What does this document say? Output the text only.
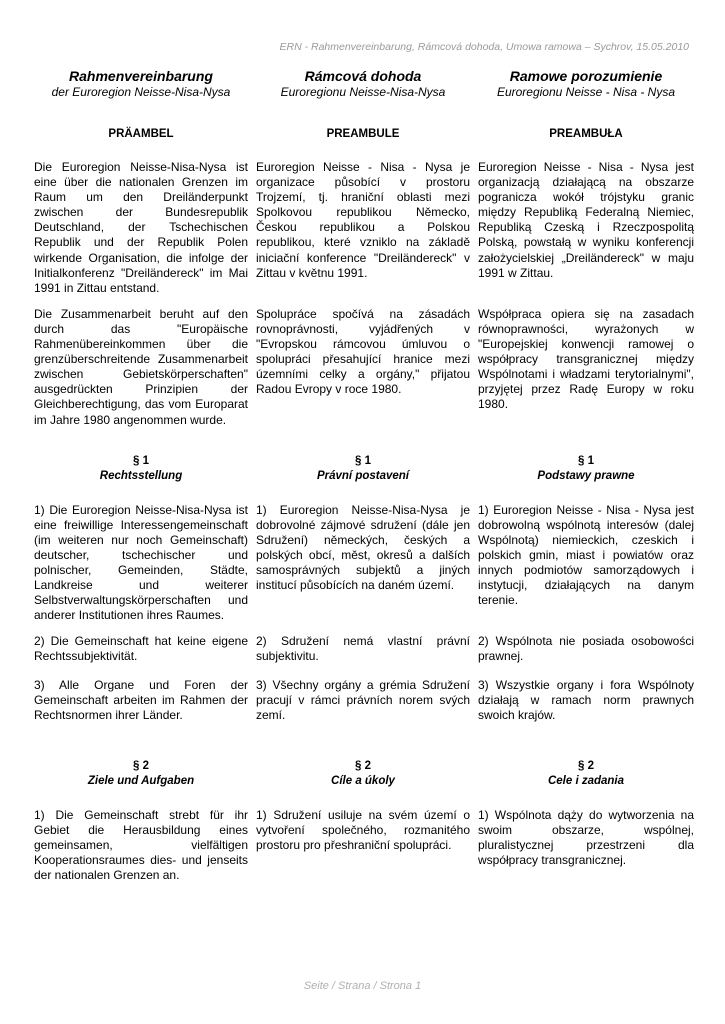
ERN - Rahmenvereinbarung, Rámcová dohoda, Umowa ramowa – Sychrov, 15.05.2010
Rahmenvereinbarung
der Euroregion Neisse-Nisa-Nysa
Rámcová dohoda
Euroregionu Neisse-Nisa-Nysa
Ramowe porozumienie
Euroregionu Neisse - Nisa - Nysa
PRÄAMBEL	PREAMBULE	PREAMBUŁA
Die Euroregion Neisse-Nisa-Nysa ist eine über die nationalen Grenzen im Raum um den Dreiländerpunkt zwischen der Bundesrepublik Deutschland, der Tschechischen Republik und der Republik Polen wirkende Organisation, die infolge der Initialkonferenz "Dreiländereck" im Mai 1991 in Zittau entstand.
Euroregion Neisse - Nisa - Nysa je organizace působící v prostoru Trojzemí, tj. hraniční oblasti mezi Spolkovou republikou Německo, Českou republikou a Polskou republikou, které vzniklo na základě iniciační konference "Dreiländereck" v Zittau v květnu 1991.
Euroregion Neisse - Nisa - Nysa jest organizacją działającą na obszarze pogranicza wokół trójstyku granic między Republiką Federalną Niemiec, Republiką Czeską i Rzeczpospolitą Polską, powstałą w wyniku konferencji założycielskiej „Dreiländereck" w maju 1991 w Zittau.
Die Zusammenarbeit beruht auf den durch das "Europäische Rahmenübereinkommen über die grenzüberschreitende Zusammenarbeit zwischen Gebietskörperschaften" ausgedrückten Prinzipien der Gleichberechtigung, das vom Europarat im Jahre 1980 angenommen wurde.
Spolupráce spočívá na zásadách rovnoprávnosti, vyjádřených v "Evropskou rámcovou úmluvou o spolupráci přesahující hranice mezi územními celky a orgány," přijatou Radou Evropy v roce 1980.
Współpraca opiera się na zasadach równoprawności, wyrażonych w "Europejskiej konwencji ramowej o współpracy transgranicznej między Wspólnotami i władzami terytorialnymi", przyjętej przez Radę Europy w roku 1980.
§ 1
Rechtsstellung
§ 1
Právní postavení
§ 1
Podstawy prawne
1) Die Euroregion Neisse-Nisa-Nysa ist eine freiwillige Interessengemeinschaft (im weiteren nur noch Gemeinschaft) deutscher, tschechischer und polnischer, Gemeinden, Städte, Landkreise und weiterer Selbstverwaltungskörperschaften und anderer Institutionen ihres Raumes.
1) Euroregion Neisse-Nisa-Nysa je dobrovolné zájmové sdružení (dále jen Sdružení) německých, českých a polských obcí, měst, okresů a dalších samosprávných subjektů a jiných institucí působících na daném území.
1) Euroregion Neisse - Nisa - Nysa jest dobrowolną wspólnotą interesów (dalej Wspólnotą) niemieckich, czeskich i polskich gmin, miast i powiatów oraz innych podmiotów samorządowych i instytucji, działających na danym terenie.
2) Die Gemeinschaft hat keine eigene Rechtssubjektivität.
2) Sdružení nemá vlastní právní subjektivitu.
2) Wspólnota nie posiada osobowości prawnej.
3) Alle Organe und Foren der Gemeinschaft arbeiten im Rahmen der Rechtsnormen ihrer Länder.
3) Všechny orgány a grémia Sdružení pracují v rámci právních norem svých zemí.
3) Wszystkie organy i fora Wspólnoty działają w ramach norm prawnych swoich krajów.
§ 2
Ziele und Aufgaben
§ 2
Cíle a úkoly
§ 2
Cele i zadania
1) Die Gemeinschaft strebt für ihr Gebiet die Herausbildung eines gemeinsamen, vielfältigen Kooperationsraumes dies- und jenseits der nationalen Grenzen an.
1) Sdružení usiluje na svém území o vytvoření společného, rozmanitého prostoru pro přeshraniční spolupráci.
1) Wspólnota dąży do wytworzenia na swoim obszarze, wspólnej, pluralistycznej przestrzeni dla współpracy transgranicznej.
Seite / Strana / Strona 1
